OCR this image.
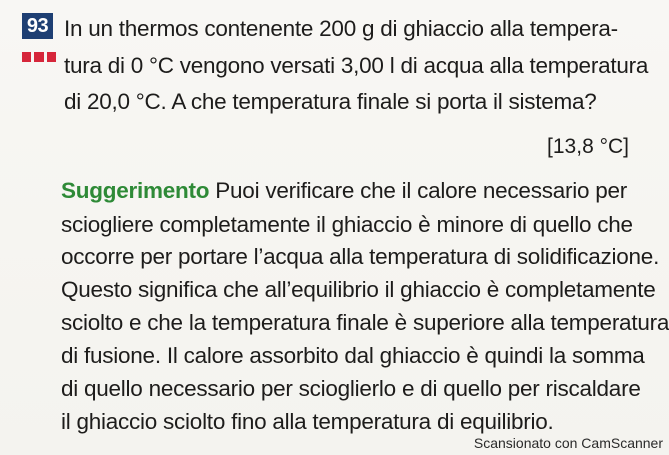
93 In un thermos contenente 200 g di ghiaccio alla tempera-
tura di 0 °C vengono versati 3,00 l di acqua alla temperatura
di 20,0 °C. A che temperatura finale si porta il sistema?
[13,8 °C]
Suggerimento Puoi verificare che il calore necessario per
sciogliere completamente il ghiaccio è minore di quello che
occorre per portare l’acqua alla temperatura di solidificazione.
Questo significa che all’equilibrio il ghiaccio è completamente
sciolto e che la temperatura finale è superiore alla temperatura
di fusione. Il calore assorbito dal ghiaccio è quindi la somma
di quello necessario per scioglierlo e di quello per riscaldare
il ghiaccio sciolto fino alla temperatura di equilibrio.
Scansionato con CamScanner
